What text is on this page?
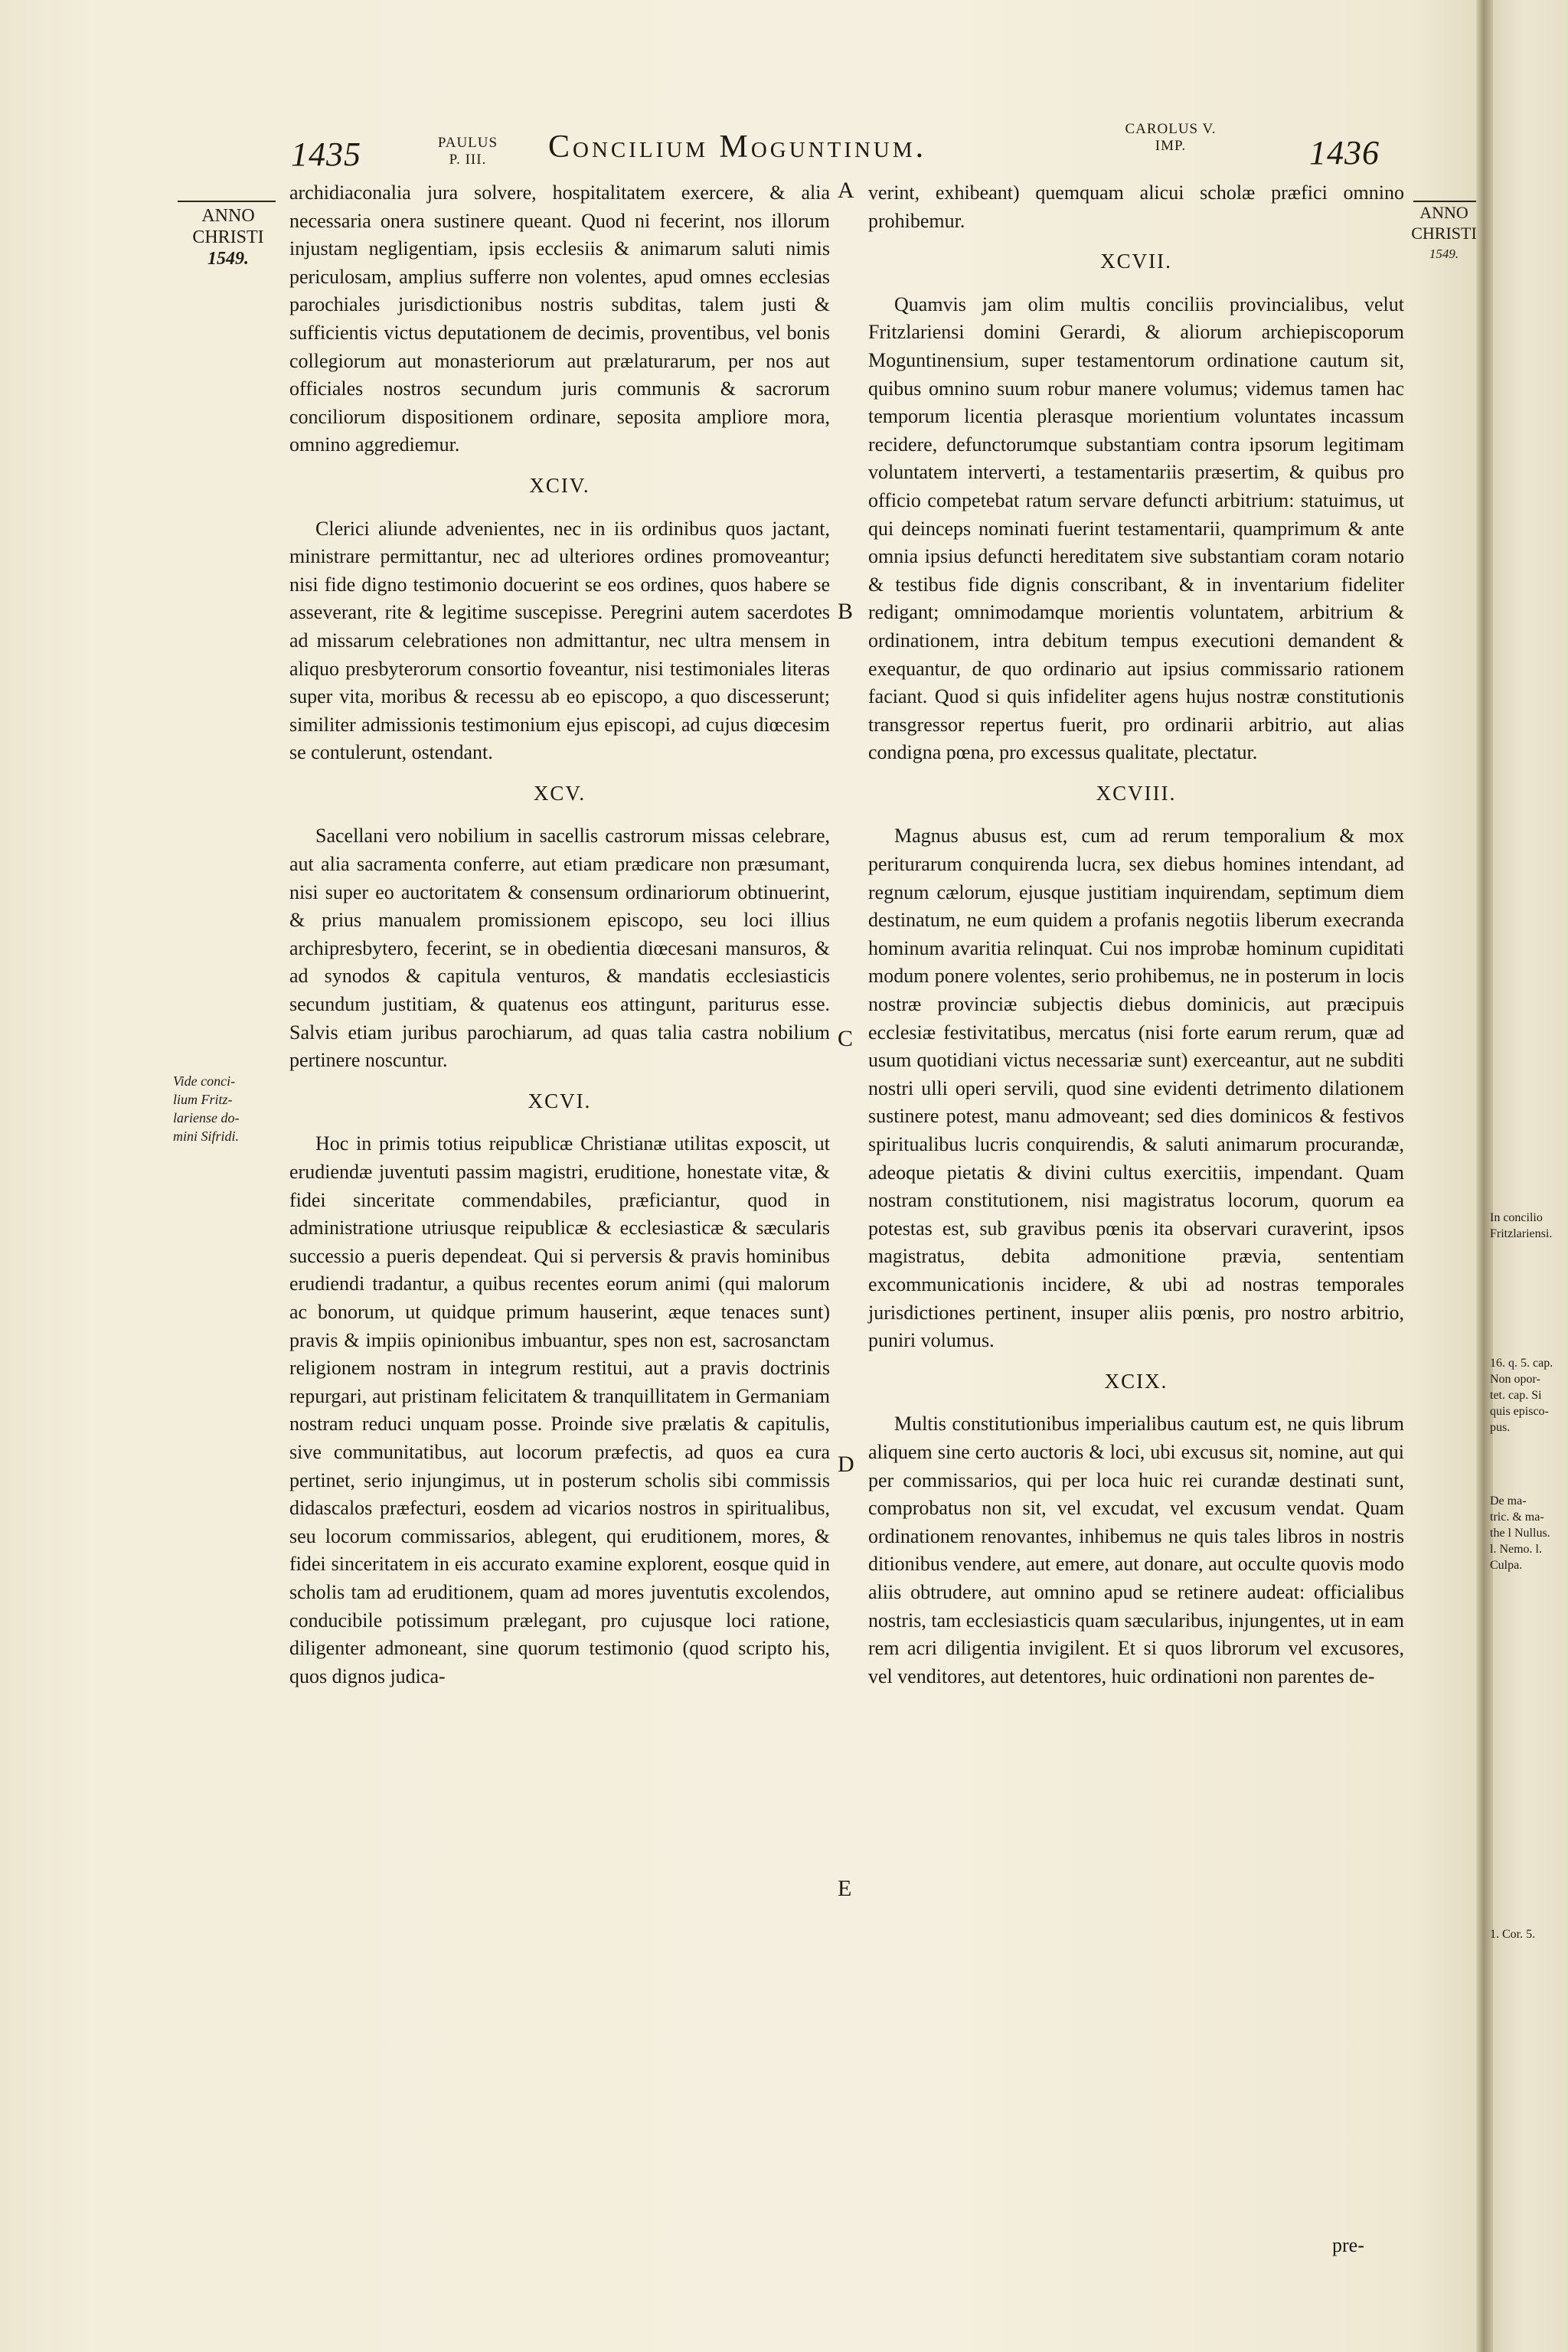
1435	PAULUS
P. III.	Concilium Moguntinum.
CAROLUS V.
IMP.	1436
ANNO
CHRISTI
1549.
ANNO
CHRISTI
1549.
Vide conci-
lium Fritz-
lariense do-
mini Sifridi.
A
B
C
D
E

archidiaconalia jura solvere, hospitalitatem exercere, & alia necessaria onera sustinere queant. Quod ni fecerint, nos illorum injustam negligentiam, ipsis ecclesiis & animarum saluti nimis periculosam, amplius sufferre non volentes, apud omnes ecclesias parochiales jurisdictionibus nostris subditas, talem justi & sufficientis victus deputationem de decimis, proventibus, vel bonis collegiorum aut monasteriorum aut prælaturarum, per nos aut officiales nostros secundum juris communis & sacrorum conciliorum dispositionem ordinare, seposita ampliore mora, omnino aggrediemur.

XCIV.

Clerici aliunde advenientes, nec in iis ordinibus quos jactant, ministrare permittantur, nec ad ulteriores ordines promoveantur; nisi fide digno testimonio docuerint se eos ordines, quos habere se asseverant, rite & legitime suscepisse. Peregrini autem sacerdotes ad missarum celebrationes non admittantur, nec ultra mensem in aliquo presbyterorum consortio foveantur, nisi testimoniales literas super vita, moribus & recessu ab eo episcopo, a quo discesserunt; similiter admissionis testimonium ejus episcopi, ad cujus diœcesim se contulerunt, ostendant.

XCV.

Sacellani vero nobilium in sacellis castrorum missas celebrare, aut alia sacramenta conferre, aut etiam prædicare non præsumant, nisi super eo auctoritatem & consensum ordinariorum obtinuerint, & prius manualem promissionem episcopo, seu loci illius archipresbytero, fecerint, se in obedientia diœcesani mansuros, & ad synodos & capitula venturos, & mandatis ecclesiasticis secundum justitiam, & quatenus eos attingunt, pariturus esse. Salvis etiam juribus parochiarum, ad quas talia castra nobilium pertinere noscuntur.

XCVI.

Hoc in primis totius reipublicæ Christianæ utilitas exposcit, ut erudiendæ juventuti passim magistri, eruditione, honestate vitæ, & fidei sinceritate commendabiles, præficiantur, quod in administratione utriusque reipublicæ & ecclesiasticæ & sæcularis successio a pueris dependeat. Qui si perversis & pravis hominibus erudiendi tradantur, a quibus recentes eorum animi (qui malorum ac bonorum, ut quidque primum hauserint, æque tenaces sunt) pravis & impiis opinionibus imbuantur, spes non est, sacrosanctam religionem nostram in integrum restitui, aut a pravis doctrinis repurgari, aut pristinam felicitatem & tranquillitatem in Germaniam nostram reduci unquam posse. Proinde sive prælatis & capitulis, sive communitatibus, aut locorum præfectis, ad quos ea cura pertinet, serio injungimus, ut in posterum scholis sibi commissis didascalos præfecturi, eosdem ad vicarios nostros in spiritualibus, seu locorum commissarios, ablegent, qui eruditionem, mores, & fidei sinceritatem in eis accurato examine explorent, eosque quid in scholis tam ad eruditionem, quam ad mores juventutis excolendos, conducibile potissimum prælegant, pro cujusque loci ratione, diligenter admoneant, sine quorum testimonio (quod scripto his, quos dignos judica-

verint, exhibeant) quemquam alicui scholæ præfici omnino prohibemur.

XCVII.

Quamvis jam olim multis conciliis provincialibus, velut Fritzlariensi domini Gerardi, & aliorum archiepiscoporum Moguntinensium, super testamentorum ordinatione cautum sit, quibus omnino suum robur manere volumus; videmus tamen hac temporum licentia plerasque morientium voluntates incassum recidere, defunctorumque substantiam contra ipsorum legitimam voluntatem interverti, a testamentariis præsertim, & quibus pro officio competebat ratum servare defuncti arbitrium: statuimus, ut qui deinceps nominati fuerint testamentarii, quamprimum & ante omnia ipsius defuncti hereditatem sive substantiam coram notario & testibus fide dignis conscribant, & in inventarium fideliter redigant; omnimodamque morientis voluntatem, arbitrium & ordinationem, intra debitum tempus executioni demandent & exequantur, de quo ordinario aut ipsius commissario rationem faciant. Quod si quis infideliter agens hujus nostræ constitutionis transgressor repertus fuerit, pro ordinarii arbitrio, aut alias condigna pœna, pro excessus qualitate, plectatur.

XCVIII.

Magnus abusus est, cum ad rerum temporalium & mox periturarum conquirenda lucra, sex diebus homines intendant, ad regnum cælorum, ejusque justitiam inquirendam, septimum diem destinatum, ne eum quidem a profanis negotiis liberum execranda hominum avaritia relinquat. Cui nos improbæ hominum cupiditati modum ponere volentes, serio prohibemus, ne in posterum in locis nostræ provinciæ subjectis diebus dominicis, aut præcipuis ecclesiæ festivitatibus, mercatus (nisi forte earum rerum, quæ ad usum quotidiani victus necessariæ sunt) exerceantur, aut ne subditi nostri ulli operi servili, quod sine evidenti detrimento dilationem sustinere potest, manu admoveant; sed dies dominicos & festivos spiritualibus lucris conquirendis, & saluti animarum procurandæ, adeoque pietatis & divini cultus exercitiis, impendant. Quam nostram constitutionem, nisi magistratus locorum, quorum ea potestas est, sub gravibus pœnis ita observari curaverint, ipsos magistratus, debita admonitione prævia, sententiam excommunicationis incidere, & ubi ad nostras temporales jurisdictiones pertinent, insuper aliis pœnis, pro nostro arbitrio, puniri volumus.

XCIX.

Multis constitutionibus imperialibus cautum est, ne quis librum aliquem sine certo auctoris & loci, ubi excusus sit, nomine, aut qui per commissarios, qui per loca huic rei curandæ destinati sunt, comprobatus non sit, vel excudat, vel excusum vendat. Quam ordinationem renovantes, inhibemus ne quis tales libros in nostris ditionibus vendere, aut emere, aut donare, aut occulte quovis modo aliis obtrudere, aut omnino apud se retinere audeat: officialibus nostris, tam ecclesiasticis quam sæcularibus, injungentes, ut in eam rem acri diligentia invigilent. Et si quos librorum vel excusores, vel venditores, aut detentores, huic ordinationi non parentes de-

In concilio
Fritzlariensi.
16. q. 5. cap.
Non opor-
tet. cap. Si
quis episco-
pus.
De ma-
tric. & ma-
the l Nullus.
l. Nemo. l.
Culpa.
1. Cor. 5.
pre-
